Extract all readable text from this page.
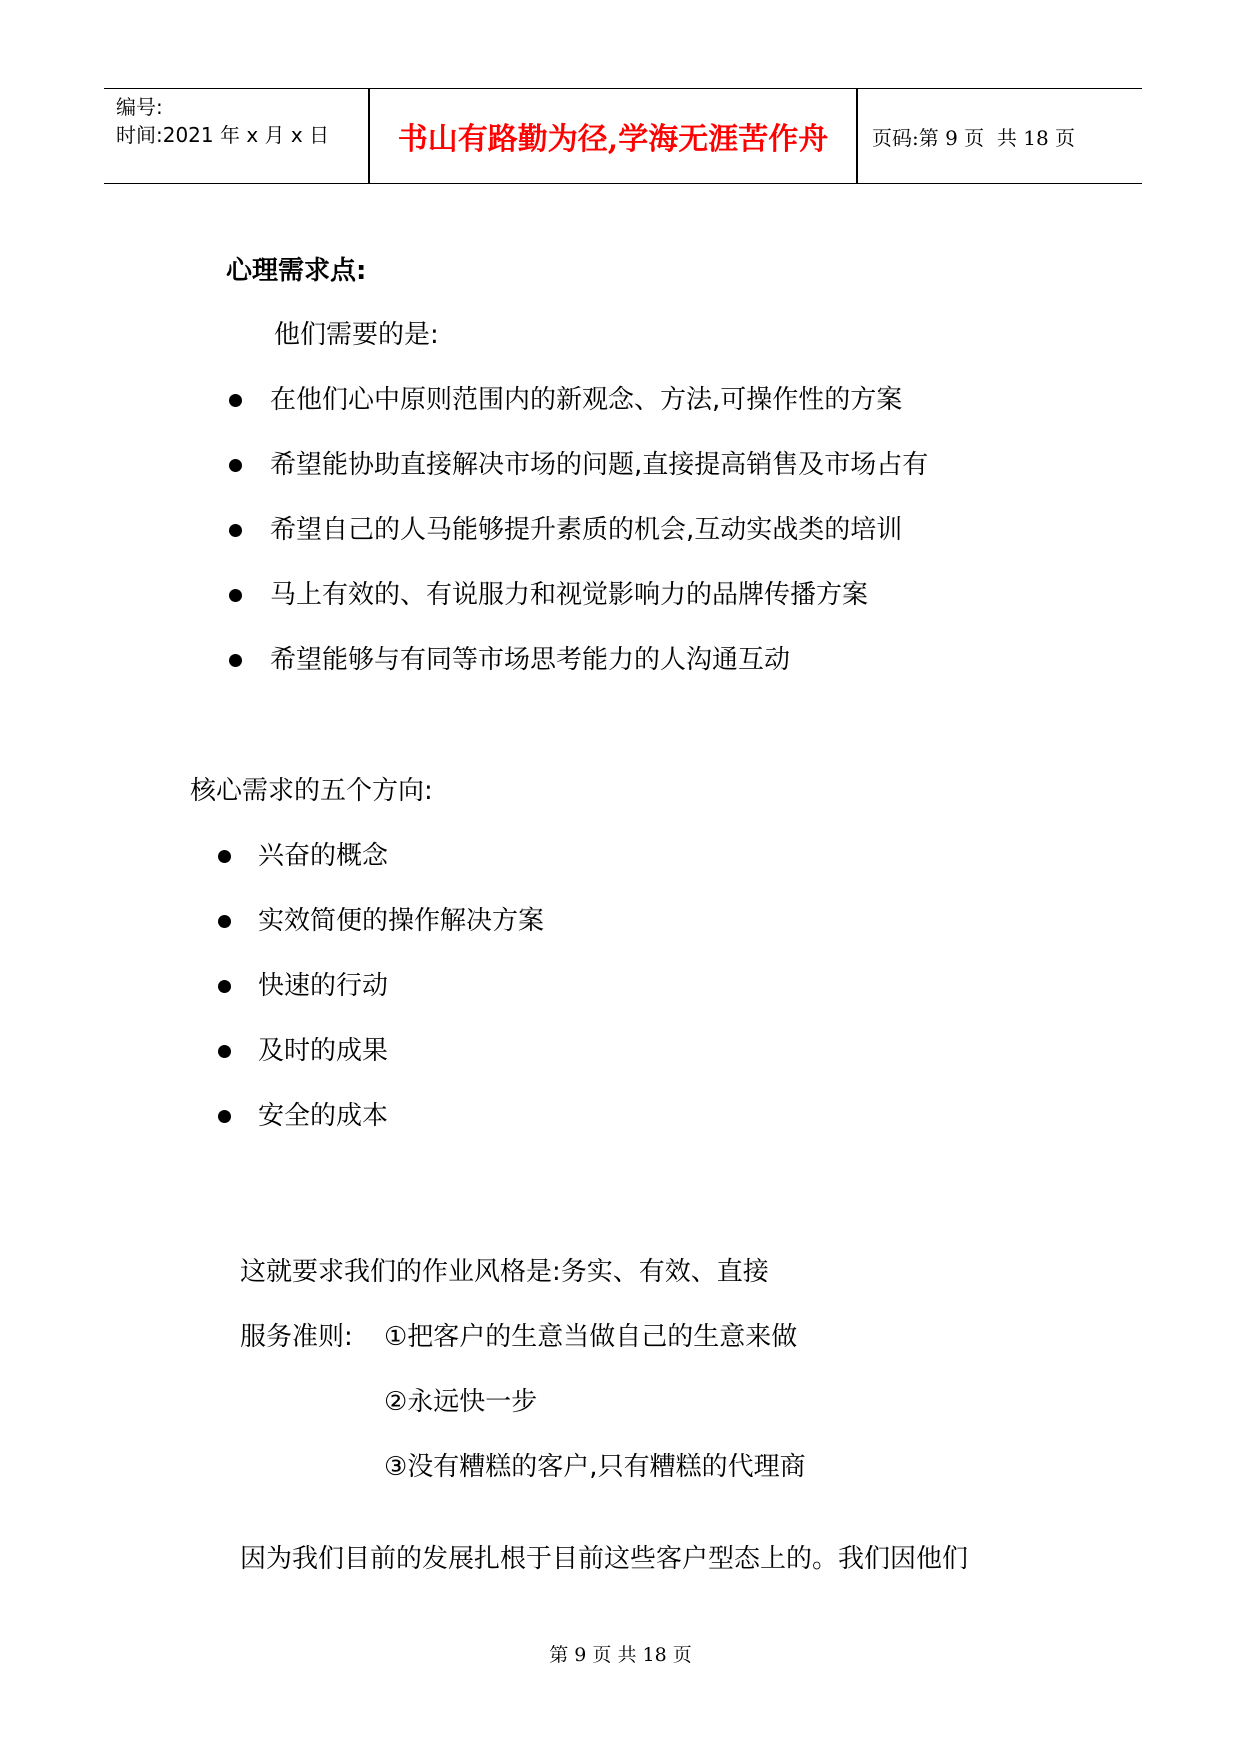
编号:
时间:2021 年 x 月 x 日	书山有路勤为径,学海无涯苦作舟	页码:第 9 页  共 18 页
心理需求点:
他们需要的是:
在他们心中原则范围内的新观念、方法,可操作性的方案
希望能协助直接解决市场的问题,直接提高销售及市场占有
希望自己的人马能够提升素质的机会,互动实战类的培训
马上有效的、有说服力和视觉影响力的品牌传播方案
希望能够与有同等市场思考能力的人沟通互动
核心需求的五个方向:
兴奋的概念
实效简便的操作解决方案
快速的行动
及时的成果
安全的成本
这就要求我们的作业风格是:务实、有效、直接
服务准则: ①把客户的生意当做自己的生意来做
②永远快一步
③没有糟糕的客户,只有糟糕的代理商
因为我们目前的发展扎根于目前这些客户型态上的。我们因他们
第 9 页 共 18 页
